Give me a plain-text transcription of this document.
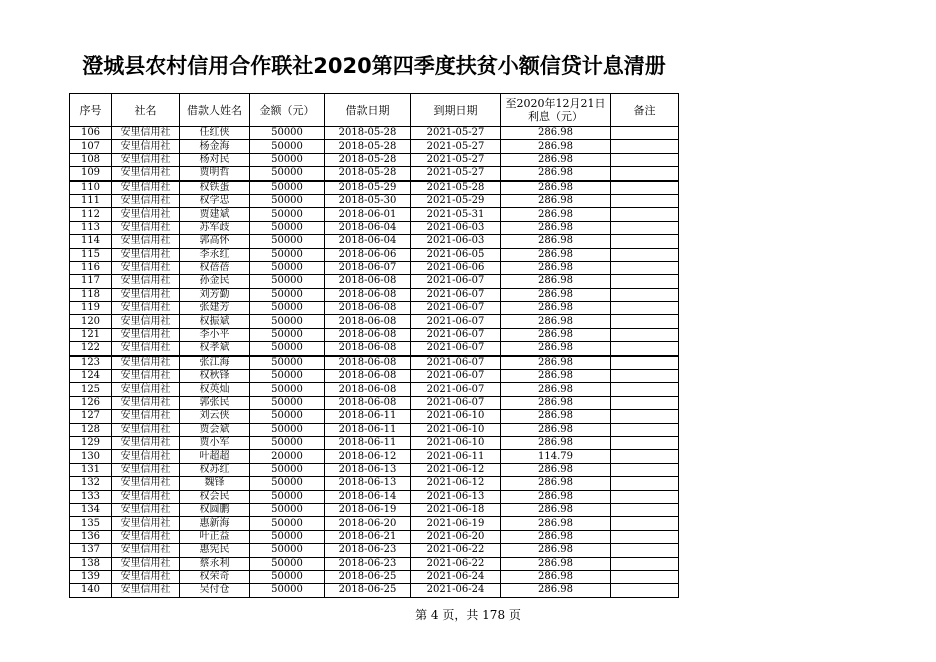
澄城县农村信用合作联社2020第四季度扶贫小额信贷计息清册
序号	社名	借款人姓名	金额（元）	借款日期	到期日期	至2020年12月21日利息（元）	备注
106	安里信用社	任红侠	50000	2018-05-28	2021-05-27	286.98	
107	安里信用社	杨金海	50000	2018-05-28	2021-05-27	286.98	
108	安里信用社	杨对民	50000	2018-05-28	2021-05-27	286.98	
109	安里信用社	贾明哲	50000	2018-05-28	2021-05-27	286.98	
110	安里信用社	权铁蛋	50000	2018-05-29	2021-05-28	286.98	
111	安里信用社	权学忠	50000	2018-05-30	2021-05-29	286.98	
112	安里信用社	贾建斌	50000	2018-06-01	2021-05-31	286.98	
113	安里信用社	苏军歧	50000	2018-06-04	2021-06-03	286.98	
114	安里信用社	郭高怀	50000	2018-06-04	2021-06-03	286.98	
115	安里信用社	李永红	50000	2018-06-06	2021-06-05	286.98	
116	安里信用社	权蓓蓓	50000	2018-06-07	2021-06-06	286.98	
117	安里信用社	孙金民	50000	2018-06-08	2021-06-07	286.98	
118	安里信用社	刘芳勤	50000	2018-06-08	2021-06-07	286.98	
119	安里信用社	张建芳	50000	2018-06-08	2021-06-07	286.98	
120	安里信用社	权振斌	50000	2018-06-08	2021-06-07	286.98	
121	安里信用社	李小平	50000	2018-06-08	2021-06-07	286.98	
122	安里信用社	权孝斌	50000	2018-06-08	2021-06-07	286.98	
123	安里信用社	张江海	50000	2018-06-08	2021-06-07	286.98	
124	安里信用社	权秋锋	50000	2018-06-08	2021-06-07	286.98	
125	安里信用社	权英灿	50000	2018-06-08	2021-06-07	286.98	
126	安里信用社	郭张民	50000	2018-06-08	2021-06-07	286.98	
127	安里信用社	刘云侠	50000	2018-06-11	2021-06-10	286.98	
128	安里信用社	贾会斌	50000	2018-06-11	2021-06-10	286.98	
129	安里信用社	贾小军	50000	2018-06-11	2021-06-10	286.98	
130	安里信用社	叶超超	20000	2018-06-12	2021-06-11	114.79	
131	安里信用社	权苏红	50000	2018-06-13	2021-06-12	286.98	
132	安里信用社	魏锋	50000	2018-06-13	2021-06-12	286.98	
133	安里信用社	权会民	50000	2018-06-14	2021-06-13	286.98	
134	安里信用社	权圆鹏	50000	2018-06-19	2021-06-18	286.98	
135	安里信用社	惠新海	50000	2018-06-20	2021-06-19	286.98	
136	安里信用社	叶正益	50000	2018-06-21	2021-06-20	286.98	
137	安里信用社	惠宪民	50000	2018-06-23	2021-06-22	286.98	
138	安里信用社	蔡永利	50000	2018-06-23	2021-06-22	286.98	
139	安里信用社	权荣奇	50000	2018-06-25	2021-06-24	286.98	
140	安里信用社	吴付仓	50000	2018-06-25	2021-06-24	286.98	
第 4 页，共 178 页
